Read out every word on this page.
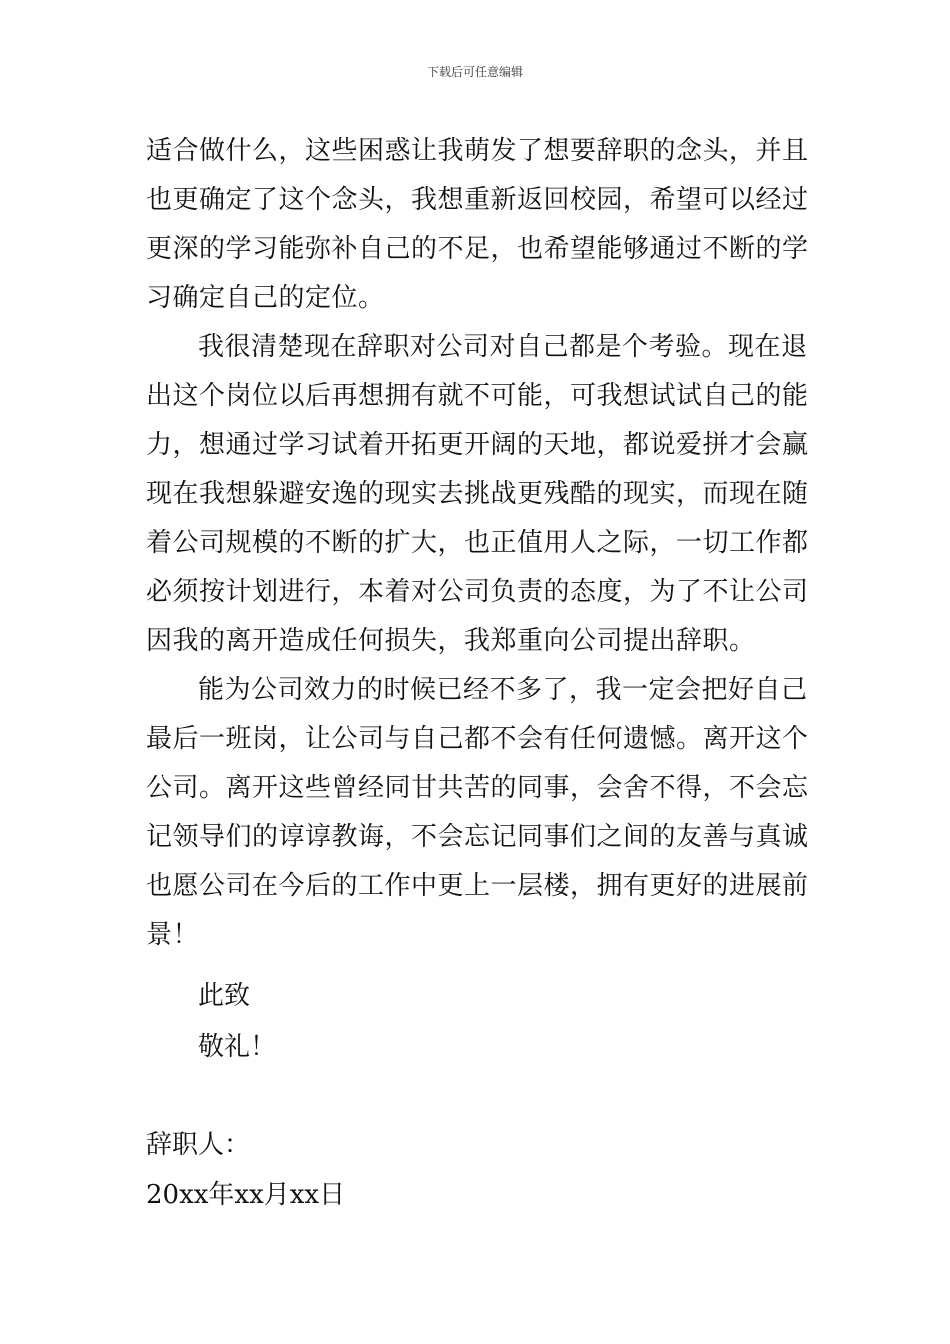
下载后可任意编辑
适合做什么，这些困惑让我萌发了想要辞职的念头，并且
也更确定了这个念头，我想重新返回校园，希望可以经过
更深的学习能弥补自己的不足，也希望能够通过不断的学
习确定自己的定位。
我很清楚现在辞职对公司对自己都是个考验。现在退
出这个岗位以后再想拥有就不可能，可我想试试自己的能
力，想通过学习试着开拓更开阔的天地，都说爱拼才会赢
现在我想躲避安逸的现实去挑战更残酷的现实，而现在随
着公司规模的不断的扩大，也正值用人之际，一切工作都
必须按计划进行，本着对公司负责的态度，为了不让公司
因我的离开造成任何损失，我郑重向公司提出辞职。
能为公司效力的时候已经不多了，我一定会把好自己
最后一班岗，让公司与自己都不会有任何遗憾。离开这个
公司。离开这些曾经同甘共苦的同事，会舍不得，不会忘
记领导们的谆谆教诲，不会忘记同事们之间的友善与真诚
也愿公司在今后的工作中更上一层楼，拥有更好的进展前
景！
此致
敬礼！
辞职人：
20xx年xx月xx日
